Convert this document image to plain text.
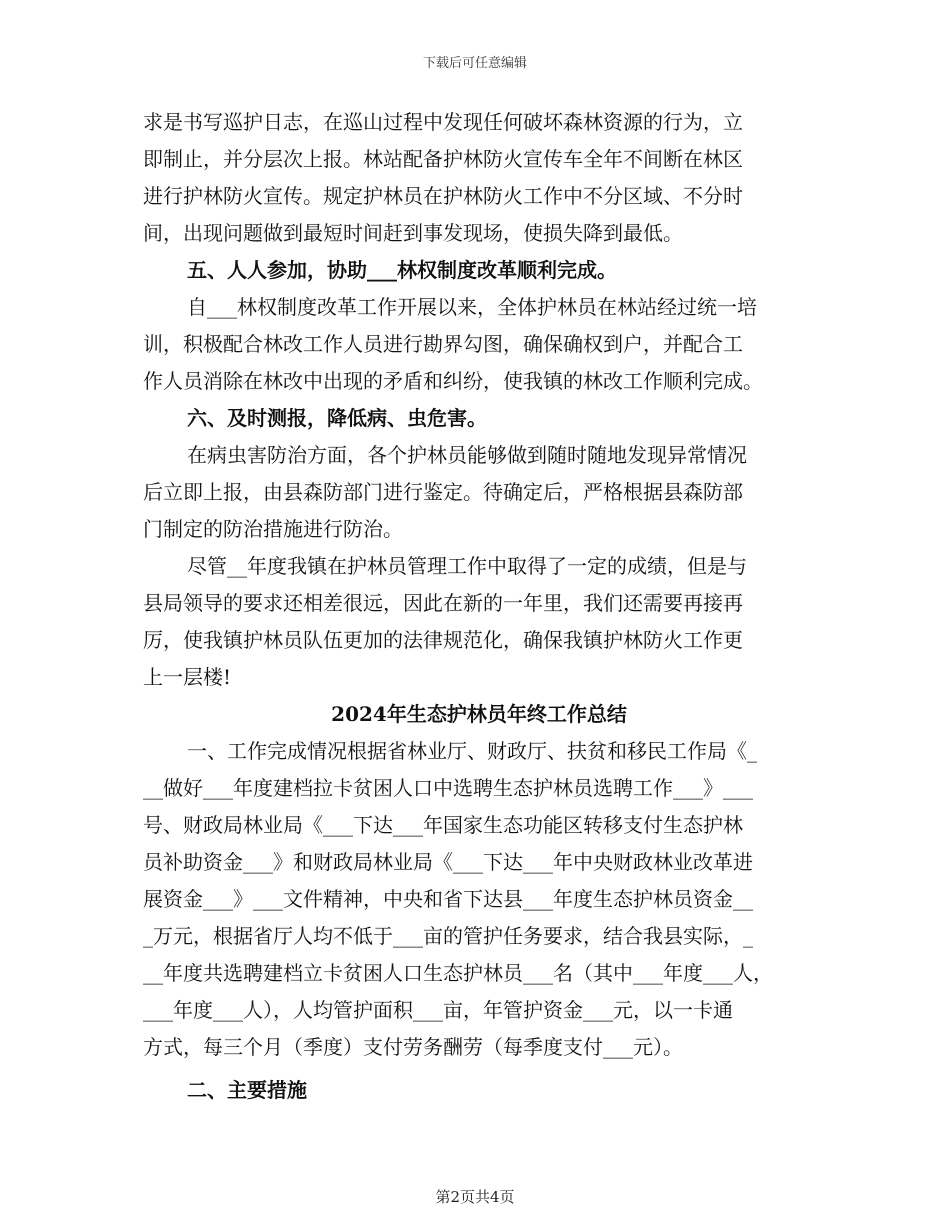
下载后可任意编辑
求是书写巡护日志，在巡山过程中发现任何破坏森林资源的行为，立
即制止，并分层次上报。林站配备护林防火宣传车全年不间断在林区
进行护林防火宣传。规定护林员在护林防火工作中不分区域、不分时
间，出现问题做到最短时间赶到事发现场，使损失降到最低。
五、人人参加，协助___林权制度改革顺利完成。
自___林权制度改革工作开展以来，全体护林员在林站经过统一培
训，积极配合林改工作人员进行勘界勾图，确保确权到户，并配合工
作人员消除在林改中出现的矛盾和纠纷，使我镇的林改工作顺利完成。
六、及时测报，降低病、虫危害。
在病虫害防治方面，各个护林员能够做到随时随地发现异常情况
后立即上报，由县森防部门进行鉴定。待确定后，严格根据县森防部
门制定的防治措施进行防治。
尽管__年度我镇在护林员管理工作中取得了一定的成绩，但是与
县局领导的要求还相差很远，因此在新的一年里，我们还需要再接再
厉，使我镇护林员队伍更加的法律规范化，确保我镇护林防火工作更
上一层楼!
2024年生态护林员年终工作总结
一、工作完成情况根据省林业厅、财政厅、扶贫和移民工作局《_
__做好___年度建档拉卡贫困人口中选聘生态护林员选聘工作___》___
号、财政局林业局《___下达___年国家生态功能区转移支付生态护林
员补助资金___》和财政局林业局《___下达___年中央财政林业改革进
展资金___》___文件精神，中央和省下达县___年度生态护林员资金__
_万元，根据省厅人均不低于___亩的管护任务要求，结合我县实际，_
__年度共选聘建档立卡贫困人口生态护林员___名（其中___年度___人，
___年度___人），人均管护面积___亩，年管护资金___元，以一卡通
方式，每三个月（季度）支付劳务酬劳（每季度支付___元）。
二、主要措施
第2页共4页
